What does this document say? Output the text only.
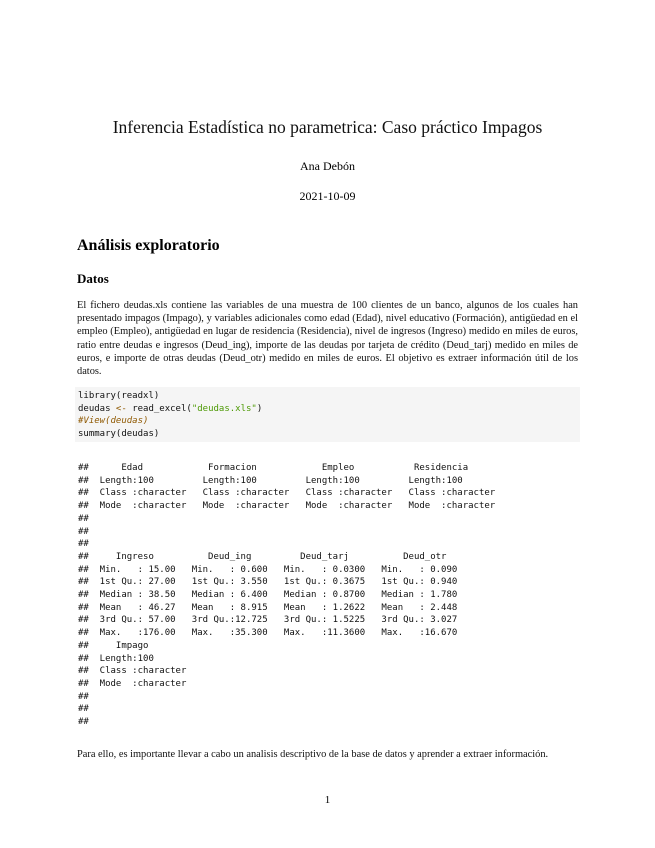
Inferencia Estadística no parametrica: Caso práctico Impagos
Ana Debón
2021-10-09
Análisis exploratorio
Datos

El fichero deudas.xls contiene las variables de una muestra de 100 clientes de un banco, algunos de los cuales han presentado impagos (Impago), y variables adicionales como edad (Edad), nivel educativo (Formación), antigüedad en el empleo (Empleo), antigüedad en lugar de residencia (Residencia), nivel de ingresos (Ingreso) medido en miles de euros, ratio entre deudas e ingresos (Deud_ing), importe de las deudas por tarjeta de crédito (Deud_tarj) medido en miles de euros, e importe de otras deudas (Deud_otr) medido en miles de euros. El objetivo es extraer información útil de los datos.

library(readxl)
deudas <- read_excel("deudas.xls")
#View(deudas)
summary(deudas)
##      Edad            Formacion            Empleo           Residencia
##  Length:100         Length:100         Length:100         Length:100
##  Class :character   Class :character   Class :character   Class :character
##  Mode  :character   Mode  :character   Mode  :character   Mode  :character
##
##
##
##     Ingreso          Deud_ing         Deud_tarj          Deud_otr
##  Min.   : 15.00   Min.   : 0.600   Min.   : 0.0300   Min.   : 0.090
##  1st Qu.: 27.00   1st Qu.: 3.550   1st Qu.: 0.3675   1st Qu.: 0.940
##  Median : 38.50   Median : 6.400   Median : 0.8700   Median : 1.780
##  Mean   : 46.27   Mean   : 8.915   Mean   : 1.2622   Mean   : 2.448
##  3rd Qu.: 57.00   3rd Qu.:12.725   3rd Qu.: 1.5225   3rd Qu.: 3.027
##  Max.   :176.00   Max.   :35.300   Max.   :11.3600   Max.   :16.670
##     Impago
##  Length:100
##  Class :character
##  Mode  :character
##
##
##

Para ello, es importante llevar a cabo un analisis descriptivo de la base de datos y aprender a extraer información.

1
